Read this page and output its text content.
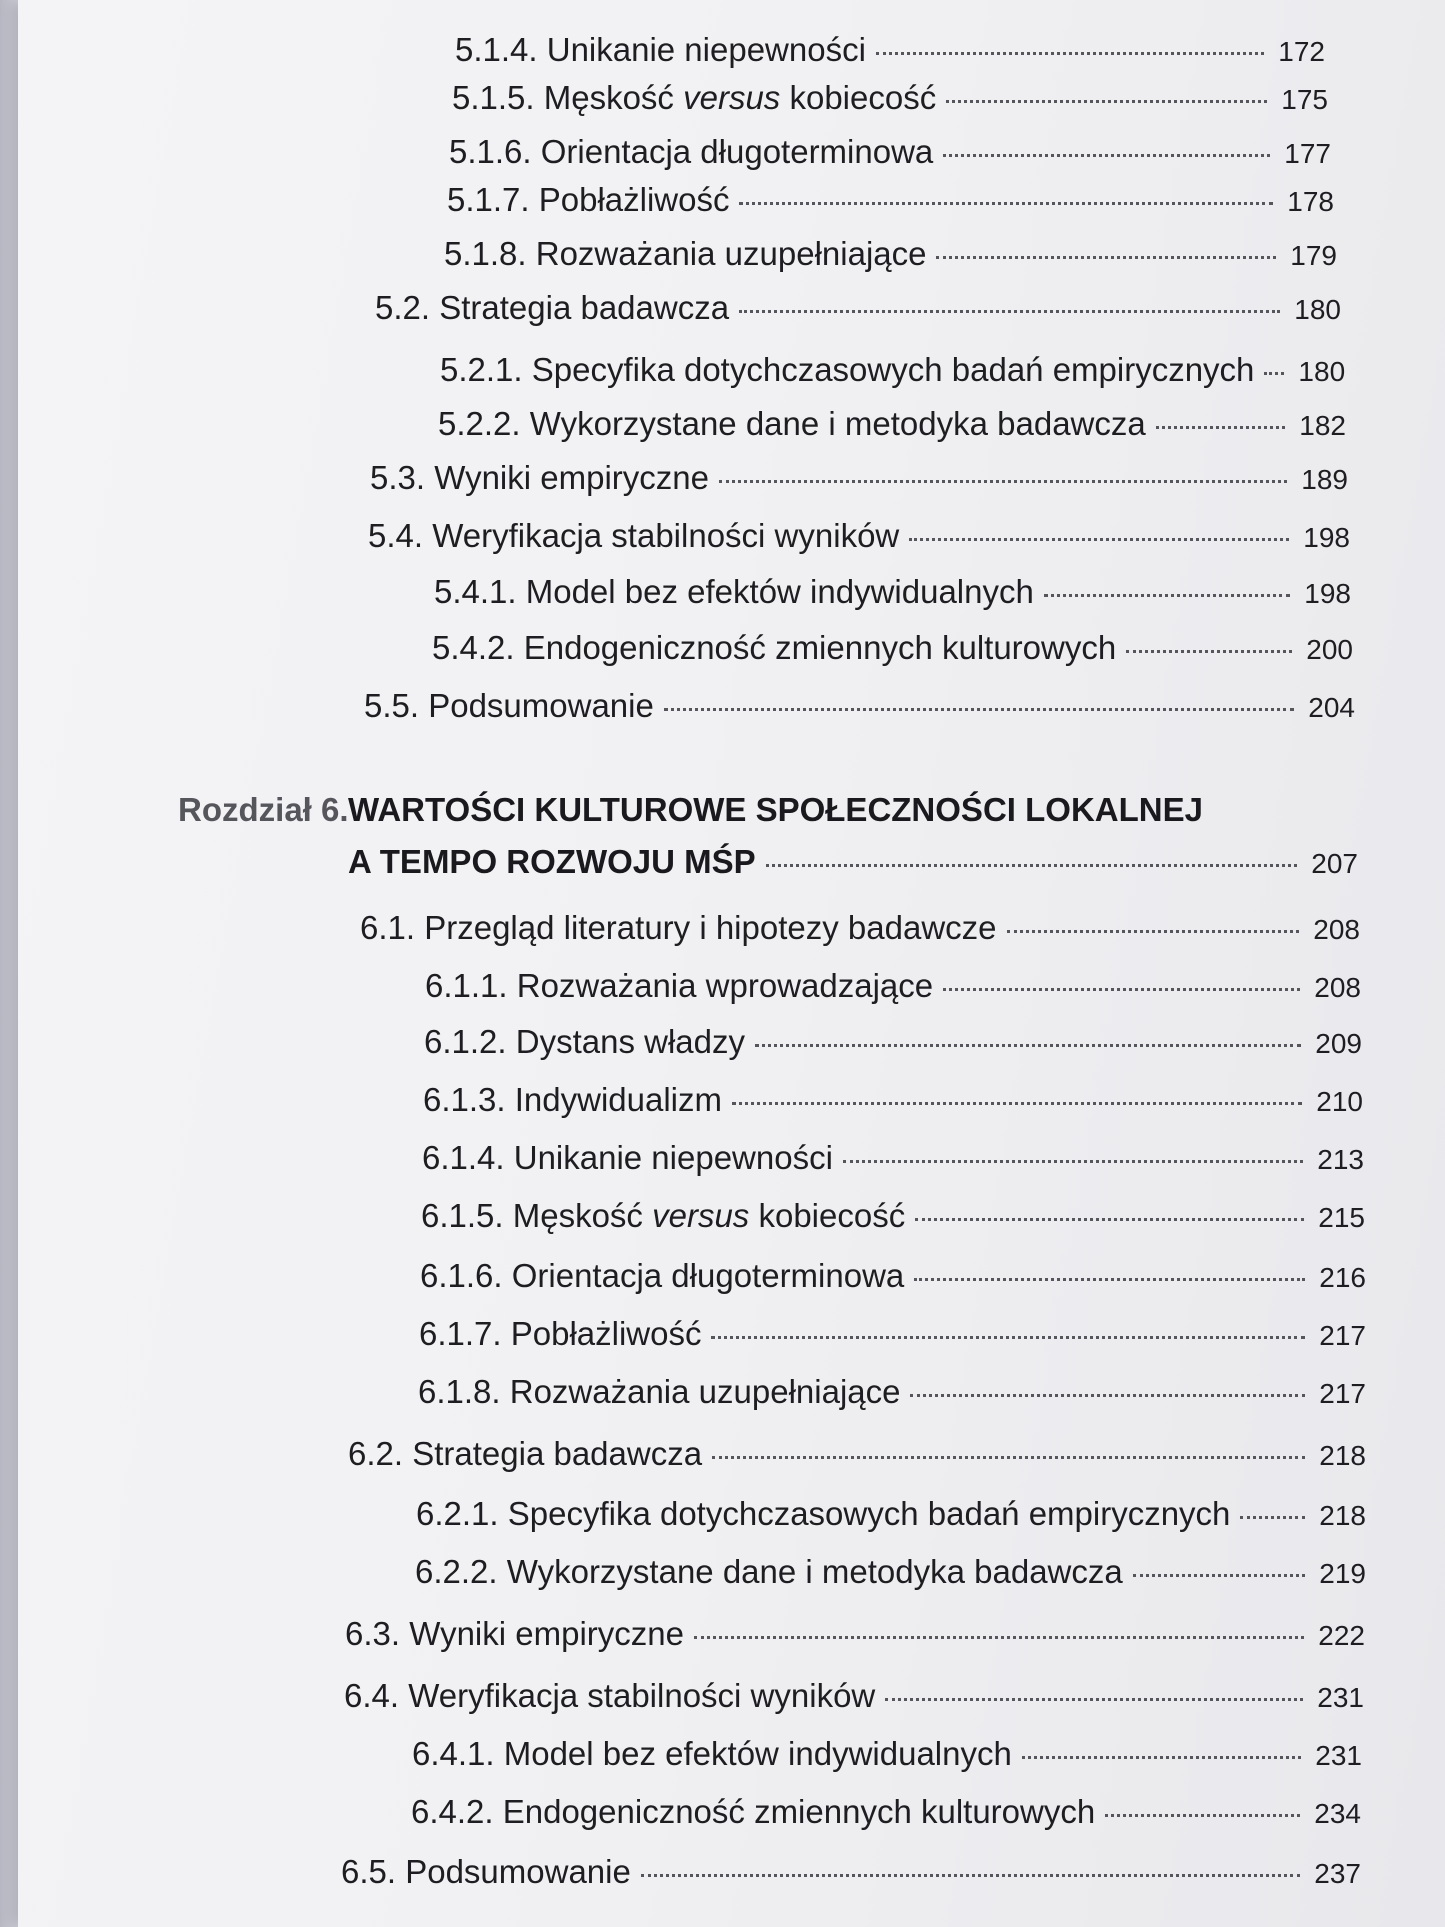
5.1.4. Unikanie niepewności	172
5.1.5. Męskość versus kobiecość	175
5.1.6. Orientacja długoterminowa	177
5.1.7. Pobłażliwość	178
5.1.8. Rozważania uzupełniające	179
5.2. Strategia badawcza	180
5.2.1. Specyfika dotychczasowych badań empirycznych 180
5.2.2. Wykorzystane dane i metodyka badawcza	182
5.3. Wyniki empiryczne	189
5.4. Weryfikacja stabilności wyników	198
5.4.1. Model bez efektów indywidualnych	198
5.4.2. Endogeniczność zmiennych kulturowych	200
5.5. Podsumowanie	204
Rozdział 6. WARTOŚCI KULTUROWE SPOŁECZNOŚCI LOKALNEJ
A TEMPO ROZWOJU MŚP	207
6.1. Przegląd literatury i hipotezy badawcze	208
6.1.1. Rozważania wprowadzające	208
6.1.2. Dystans władzy	209
6.1.3. Indywidualizm	210
6.1.4. Unikanie niepewności	213
6.1.5. Męskość versus kobiecość	215
6.1.6. Orientacja długoterminowa	216
6.1.7. Pobłażliwość	217
6.1.8. Rozważania uzupełniające	217
6.2. Strategia badawcza	218
6.2.1. Specyfika dotychczasowych badań empirycznych	218
6.2.2. Wykorzystane dane i metodyka badawcza	219
6.3. Wyniki empiryczne	222
6.4. Weryfikacja stabilności wyników	231
6.4.1. Model bez efektów indywidualnych	231
6.4.2. Endogeniczność zmiennych kulturowych	234
6.5. Podsumowanie	237
